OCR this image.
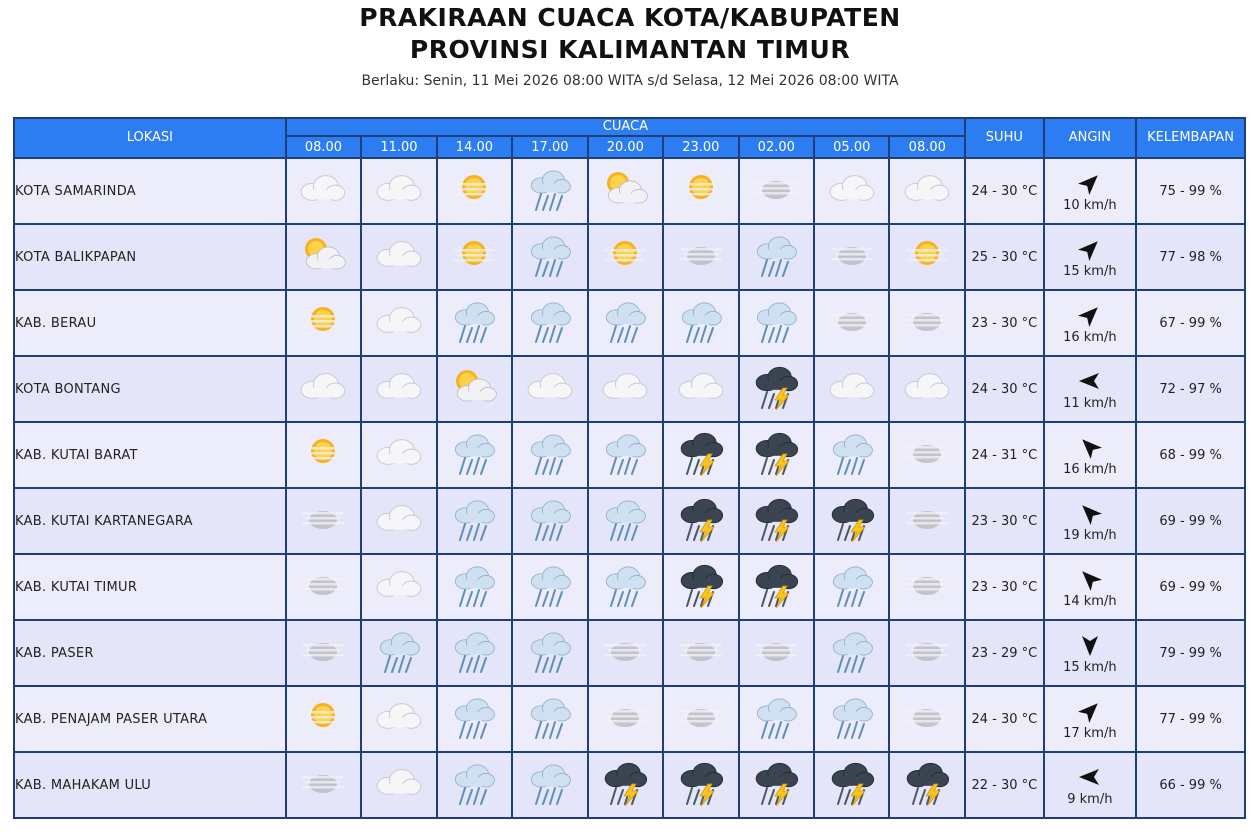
PRAKIRAAN CUACA KOTA/KABUPATEN
PROVINSI KALIMANTAN TIMUR
Berlaku: Senin, 11 Mei 2026 08:00 WITA s/d Selasa, 12 Mei 2026 08:00 WITA
LOKASI	CUACA									SUHU	ANGIN	KELEMBAPAN
	08.00	11.00	14.00	17.00	20.00	23.00	02.00	05.00	08.00			
KOTA SAMARINDA										24 - 30 °C	10 km/h	75 - 99 %
KOTA BALIKPAPAN										25 - 30 °C	15 km/h	77 - 98 %
KAB. BERAU										23 - 30 °C	16 km/h	67 - 99 %
KOTA BONTANG										24 - 30 °C	11 km/h	72 - 97 %
KAB. KUTAI BARAT										24 - 31 °C	16 km/h	68 - 99 %
KAB. KUTAI KARTANEGARA										23 - 30 °C	19 km/h	69 - 99 %
KAB. KUTAI TIMUR										23 - 30 °C	14 km/h	69 - 99 %
KAB. PASER										23 - 29 °C	15 km/h	79 - 99 %
KAB. PENAJAM PASER UTARA										24 - 30 °C	17 km/h	77 - 99 %
KAB. MAHAKAM ULU										22 - 30 °C	9 km/h	66 - 99 %
